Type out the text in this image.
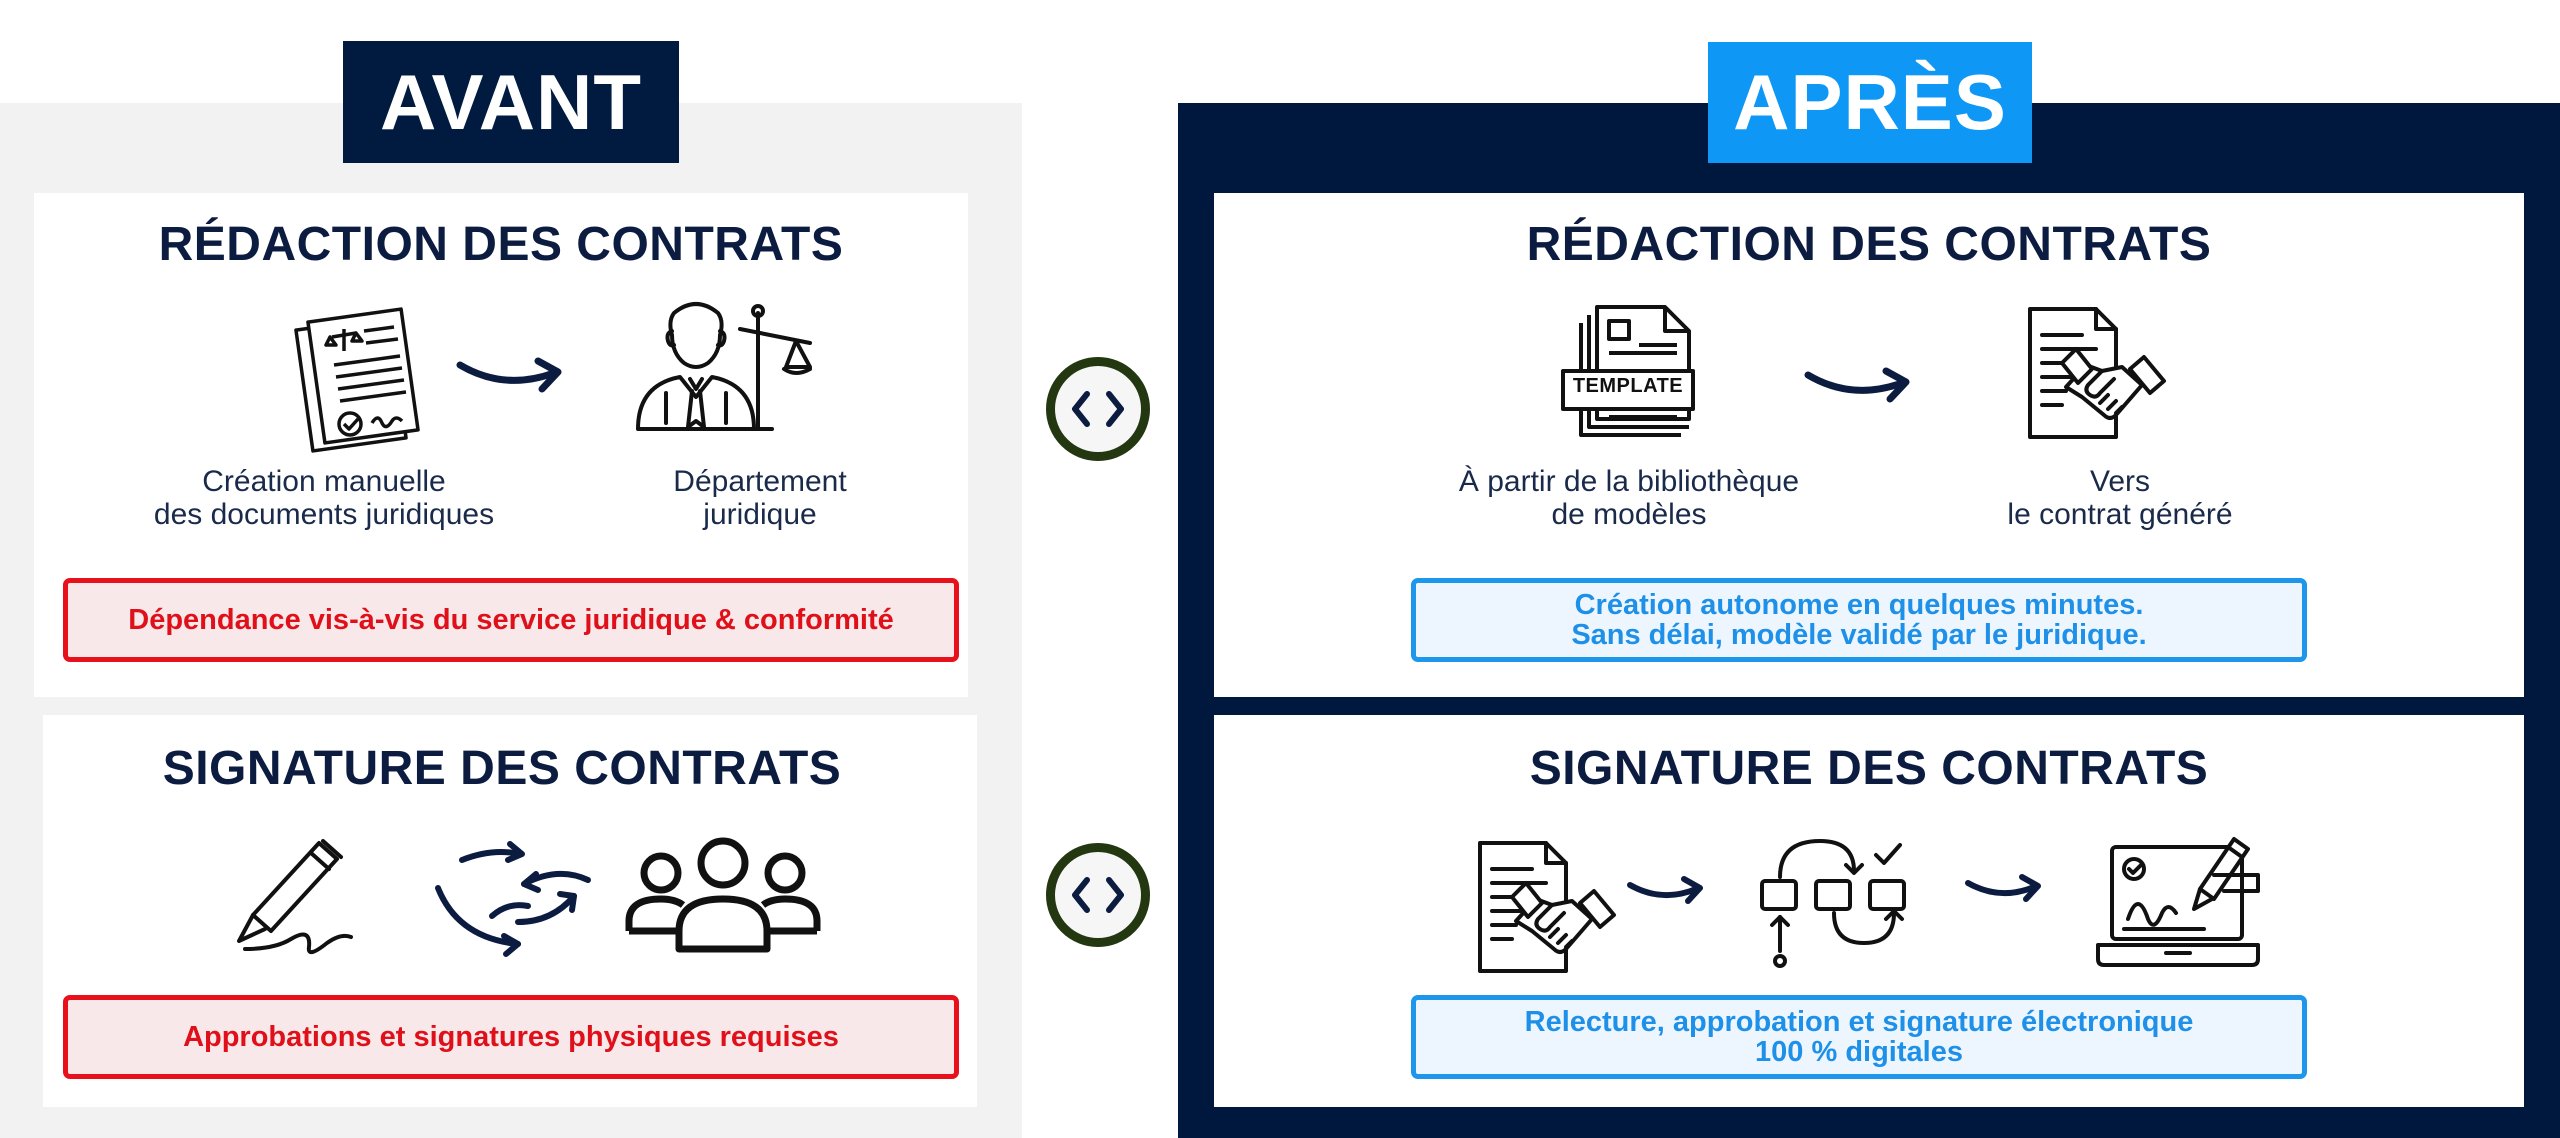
AVANT
RÉDACTION DES CONTRATS
Création manuelle
des documents juridiques
Département
juridique
Dépendance vis-à-vis du service juridique & conformité
SIGNATURE DES CONTRATS
Approbations et signatures physiques requises
APRÈS
RÉDACTION DES CONTRATS
TEMPLATE
À partir de la bibliothèque
de modèles
Vers
le contrat généré
Création autonome en quelques minutes.
Sans délai, modèle validé par le juridique.
SIGNATURE DES CONTRATS
Relecture, approbation et signature électronique
100 % digitales
